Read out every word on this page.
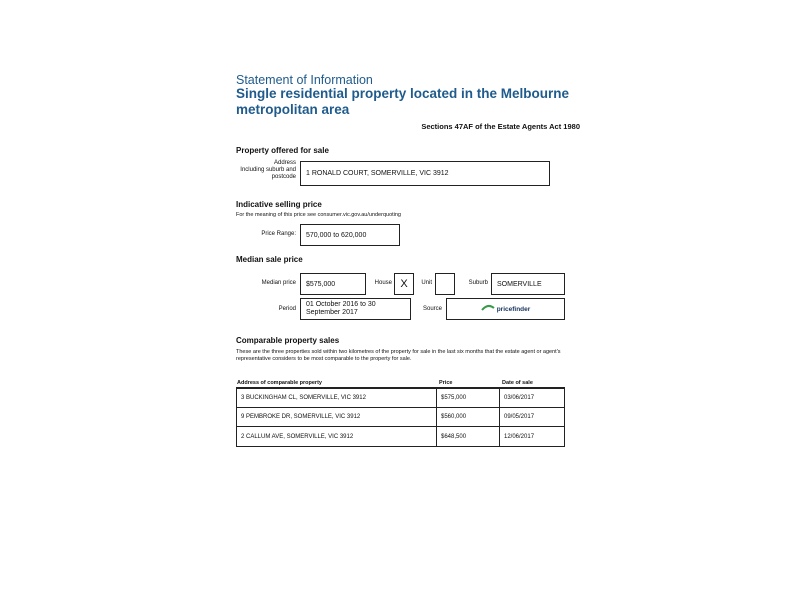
Statement of Information
Single residential property located in the Melbourne metropolitan area
Sections 47AF of the Estate Agents Act 1980
Property offered for sale
Address
Including suburb and
postcode 1 RONALD COURT, SOMERVILLE, VIC 3912
Indicative selling price
For the meaning of this price see consumer.vic.gov.au/underquoting
Price Range: 570,000 to 620,000
Median sale price
Median price $575,000	House X	Unit	Suburb SOMERVILLE
Period
01 October 2016 to 30 September 2017	Source	pricefinder
Comparable property sales
These are the three properties sold within two kilometres of the property for sale in the last six months that the estate agent or agent's representative considers to be most comparable to the property for sale.
Address of comparable property	Price	Date of sale
3 BUCKINGHAM CL, SOMERVILLE, VIC 3912	$575,000	03/06/2017
9 PEMBROKE DR, SOMERVILLE, VIC 3912	$560,000	09/05/2017
2 CALLUM AVE, SOMERVILLE, VIC 3912	$648,500	12/06/2017
